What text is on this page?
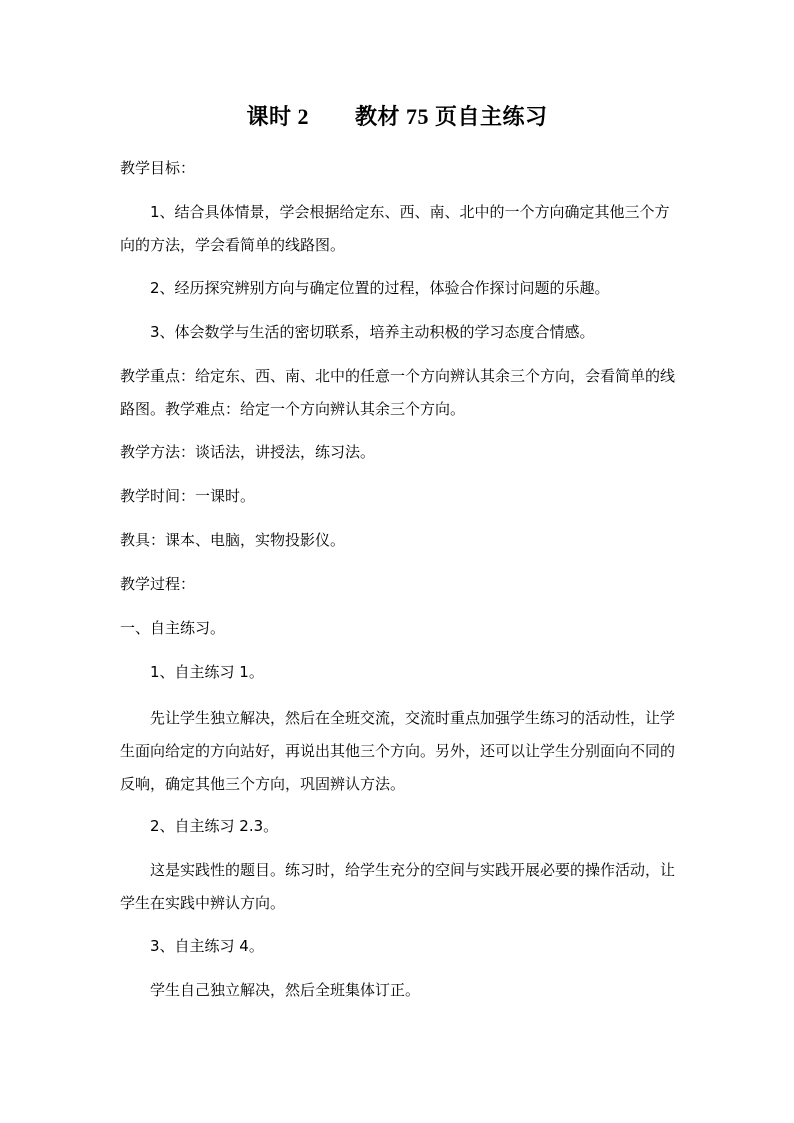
课时 2 教材 75 页自主练习

教学目标：

1、结合具体情景，学会根据给定东、西、南、北中的一个方向确定其他三个方向的方法，学会看简单的线路图。

2、经历探究辨别方向与确定位置的过程，体验合作探讨问题的乐趣。

3、体会数学与生活的密切联系，培养主动积极的学习态度合情感。

教学重点：给定东、西、南、北中的任意一个方向辨认其余三个方向，会看简单的线路图。教学难点：给定一个方向辨认其余三个方向。

教学方法：谈话法，讲授法，练习法。

教学时间：一课时。

教具：课本、电脑，实物投影仪。

教学过程：

一、自主练习。

1、自主练习 1。

先让学生独立解决，然后在全班交流，交流时重点加强学生练习的活动性，让学生面向给定的方向站好，再说出其他三个方向。另外，还可以让学生分别面向不同的反响，确定其他三个方向，巩固辨认方法。

2、自主练习 2.3。

这是实践性的题目。练习时，给学生充分的空间与实践开展必要的操作活动，让学生在实践中辨认方向。

3、自主练习 4。

学生自己独立解决，然后全班集体订正。
